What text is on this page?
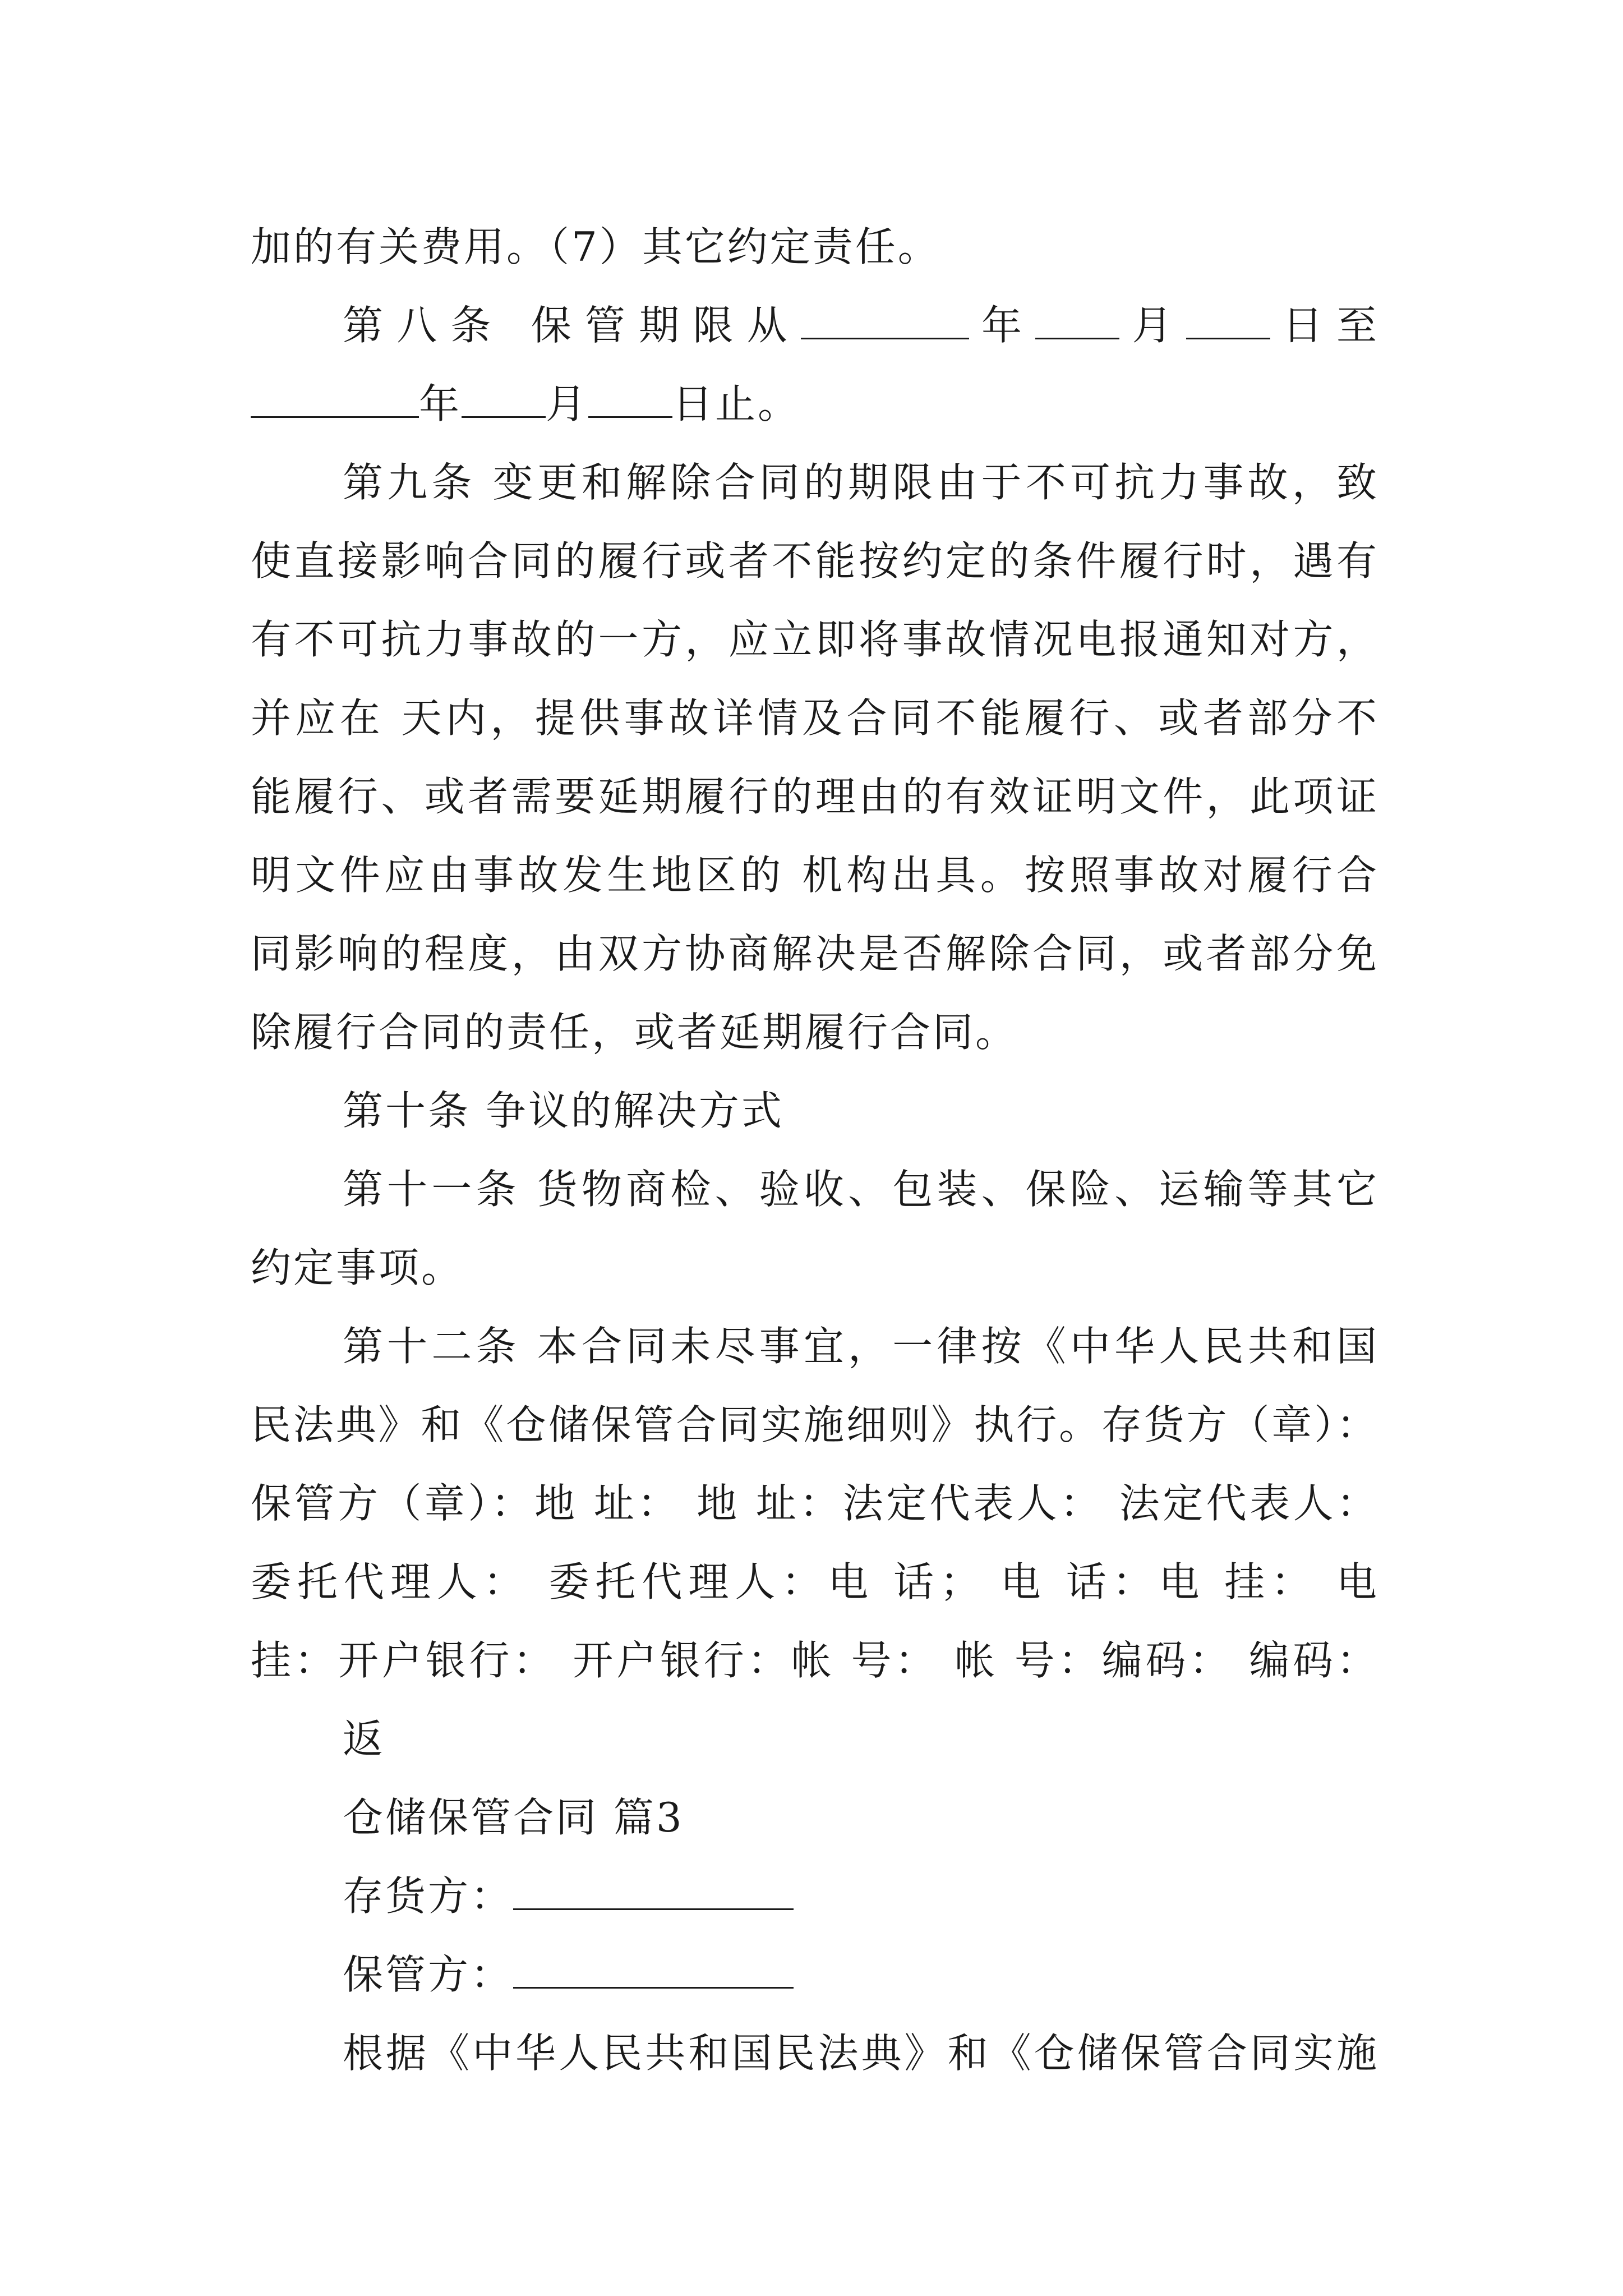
加的有关费用。（7）其它约定责任。
第八条 保管期限从	年 月 日至
年 月 日止。
第九条 变更和解除合同的期限由于不可抗力事故，致
使直接影响合同的履行或者不能按约定的条件履行时，遇有
有不可抗力事故的一方，应立即将事故情况电报通知对方，
并应在 天内，提供事故详情及合同不能履行、或者部分不
能履行、或者需要延期履行的理由的有效证明文件，此项证
明文件应由事故发生地区的 机构出具。按照事故对履行合
同影响的程度，由双方协商解决是否解除合同，或者部分免
除履行合同的责任，或者延期履行合同。
第十条 争议的解决方式
第十一条 货物商检、验收、包装、保险、运输等其它
约定事项。
第十二条 本合同未尽事宜，一律按《中华人民共和国
民法典》和《仓储保管合同实施细则》执行。存货方（章）：
保管方（章）：地 址： 地 址：法定代表人： 法定代表人：
委托代理人： 委托代理人：电 话； 电 话：电 挂： 电
挂：开户银行： 开户银行：帐 号： 帐 号：编码： 编码：
返
仓储保管合同 篇3
存货方：
保管方：
根据《中华人民共和国民法典》和《仓储保管合同实施
